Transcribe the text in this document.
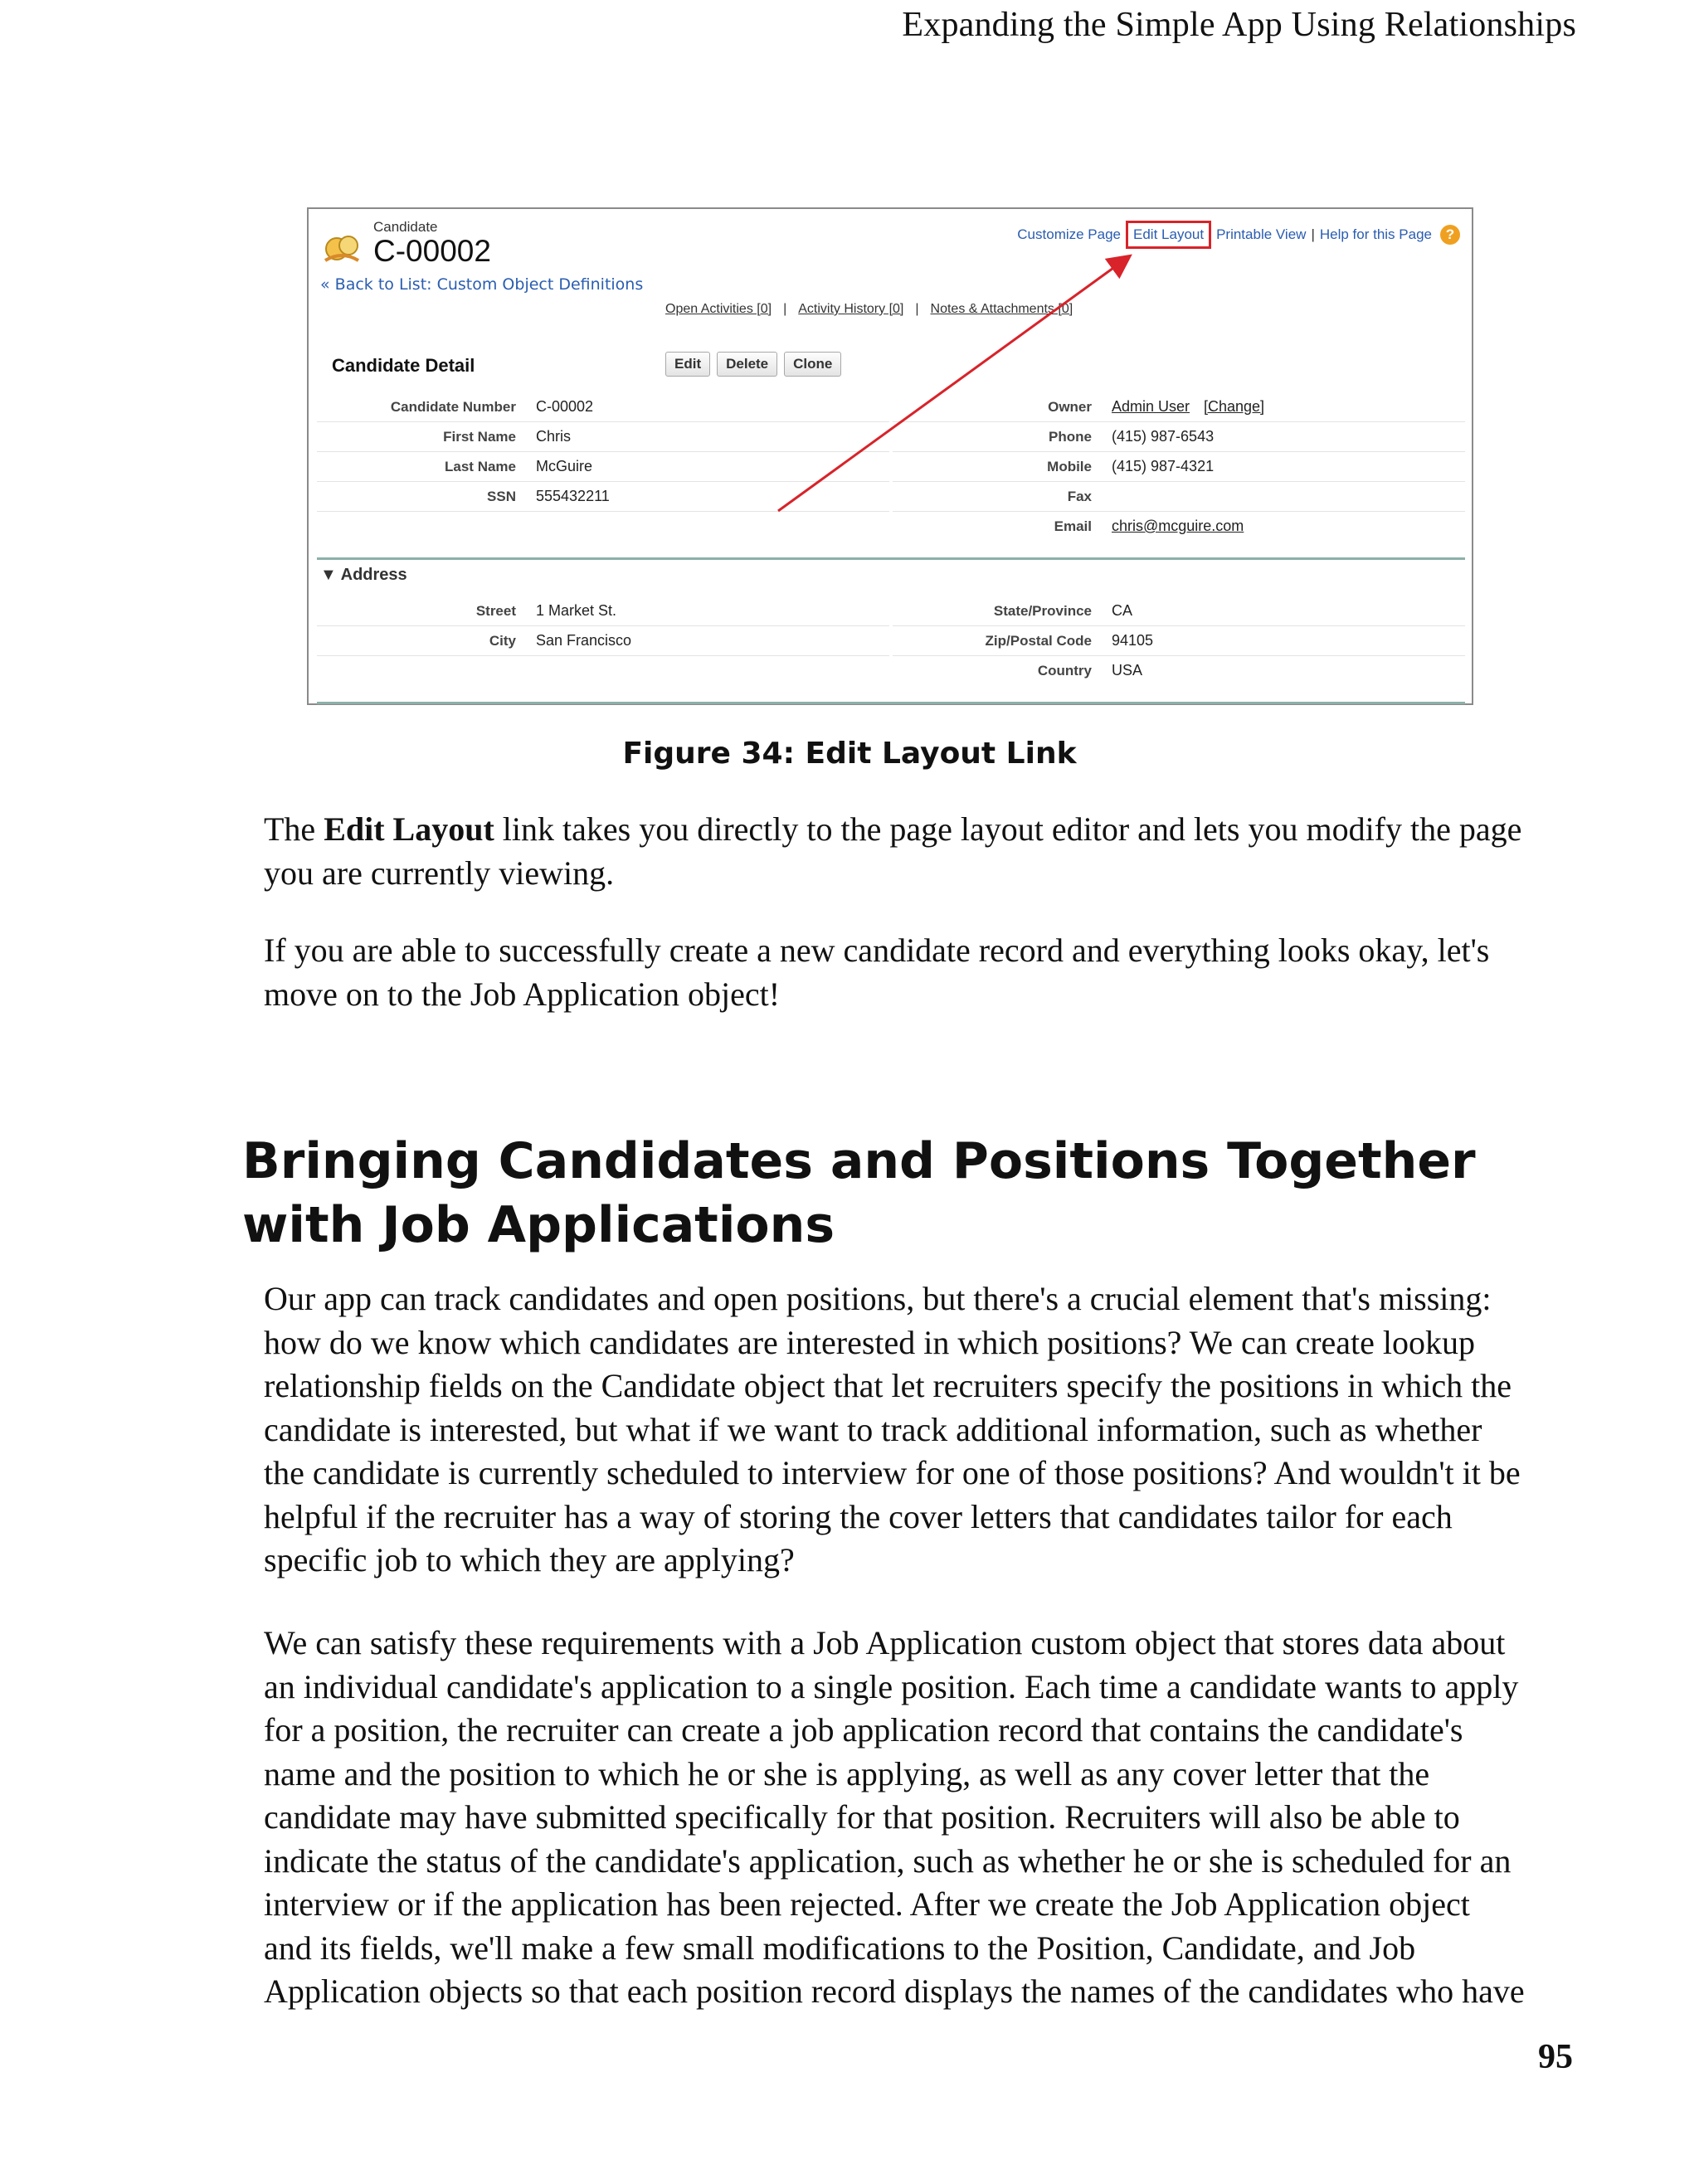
Expanding the Simple App Using Relationships
Candidate
C-00002
« Back to List: Custom Object Definitions
Customize Page Edit Layout Printable View | Help for this Page ?
Open Activities [0] | Activity History [0] | Notes & Attachments [0]
Candidate Detail	Edit	Delete	Clone
Candidate Number C-00002
First Name Chris
Last Name McGuire
SSN 555432211
Owner Admin User [Change]
Phone (415) 987-6543
Mobile (415) 987-4321
Fax
Email chris@mcguire.com
▼ Address
Street 1 Market St.
City San Francisco
State/Province CA
Zip/Postal Code 94105
Country USA
Figure 34: Edit Layout Link

The Edit Layout link takes you directly to the page layout editor and lets you modify the page you are currently viewing.

If you are able to successfully create a new candidate record and everything looks okay, let's move on to the Job Application object!

Bringing Candidates and Positions Together with Job Applications

Our app can track candidates and open positions, but there's a crucial element that's missing: how do we know which candidates are interested in which positions? We can create lookup relationship fields on the Candidate object that let recruiters specify the positions in which the candidate is interested, but what if we want to track additional information, such as whether the candidate is currently scheduled to interview for one of those positions? And wouldn't it be helpful if the recruiter has a way of storing the cover letters that candidates tailor for each specific job to which they are applying?

We can satisfy these requirements with a Job Application custom object that stores data about an individual candidate's application to a single position. Each time a candidate wants to apply for a position, the recruiter can create a job application record that contains the candidate's name and the position to which he or she is applying, as well as any cover letter that the candidate may have submitted specifically for that position. Recruiters will also be able to indicate the status of the candidate's application, such as whether he or she is scheduled for an interview or if the application has been rejected. After we create the Job Application object and its fields, we'll make a few small modifications to the Position, Candidate, and Job Application objects so that each position record displays the names of the candidates who have

95
